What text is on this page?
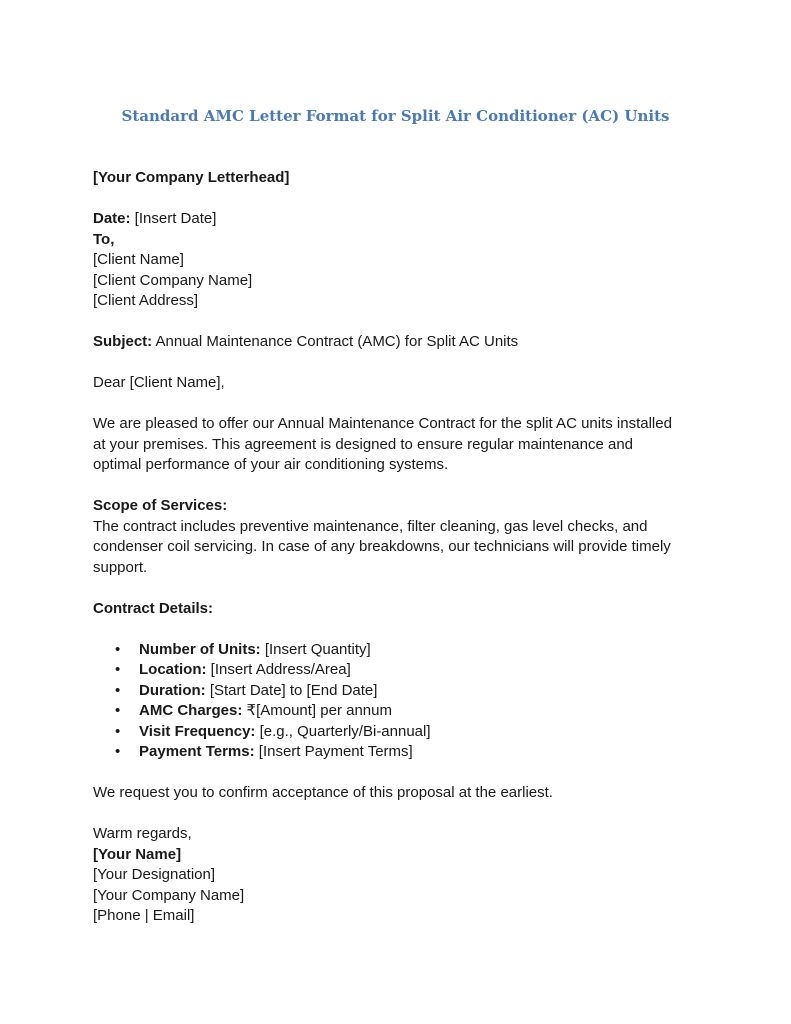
Standard AMC Letter Format for Split Air Conditioner (AC) Units
[Your Company Letterhead]
Date: [Insert Date]
To,
[Client Name]
[Client Company Name]
[Client Address]
Subject: Annual Maintenance Contract (AMC) for Split AC Units
Dear [Client Name],
We are pleased to offer our Annual Maintenance Contract for the split AC units installed
at your premises. This agreement is designed to ensure regular maintenance and
optimal performance of your air conditioning systems.
Scope of Services:
The contract includes preventive maintenance, filter cleaning, gas level checks, and
condenser coil servicing. In case of any breakdowns, our technicians will provide timely
support.
Contract Details:
• Number of Units: [Insert Quantity]
• Location: [Insert Address/Area]
• Duration: [Start Date] to [End Date]
• AMC Charges: ₹[Amount] per annum
• Visit Frequency: [e.g., Quarterly/Bi-annual]
• Payment Terms: [Insert Payment Terms]
We request you to confirm acceptance of this proposal at the earliest.
Warm regards,
[Your Name]
[Your Designation]
[Your Company Name]
[Phone | Email]
